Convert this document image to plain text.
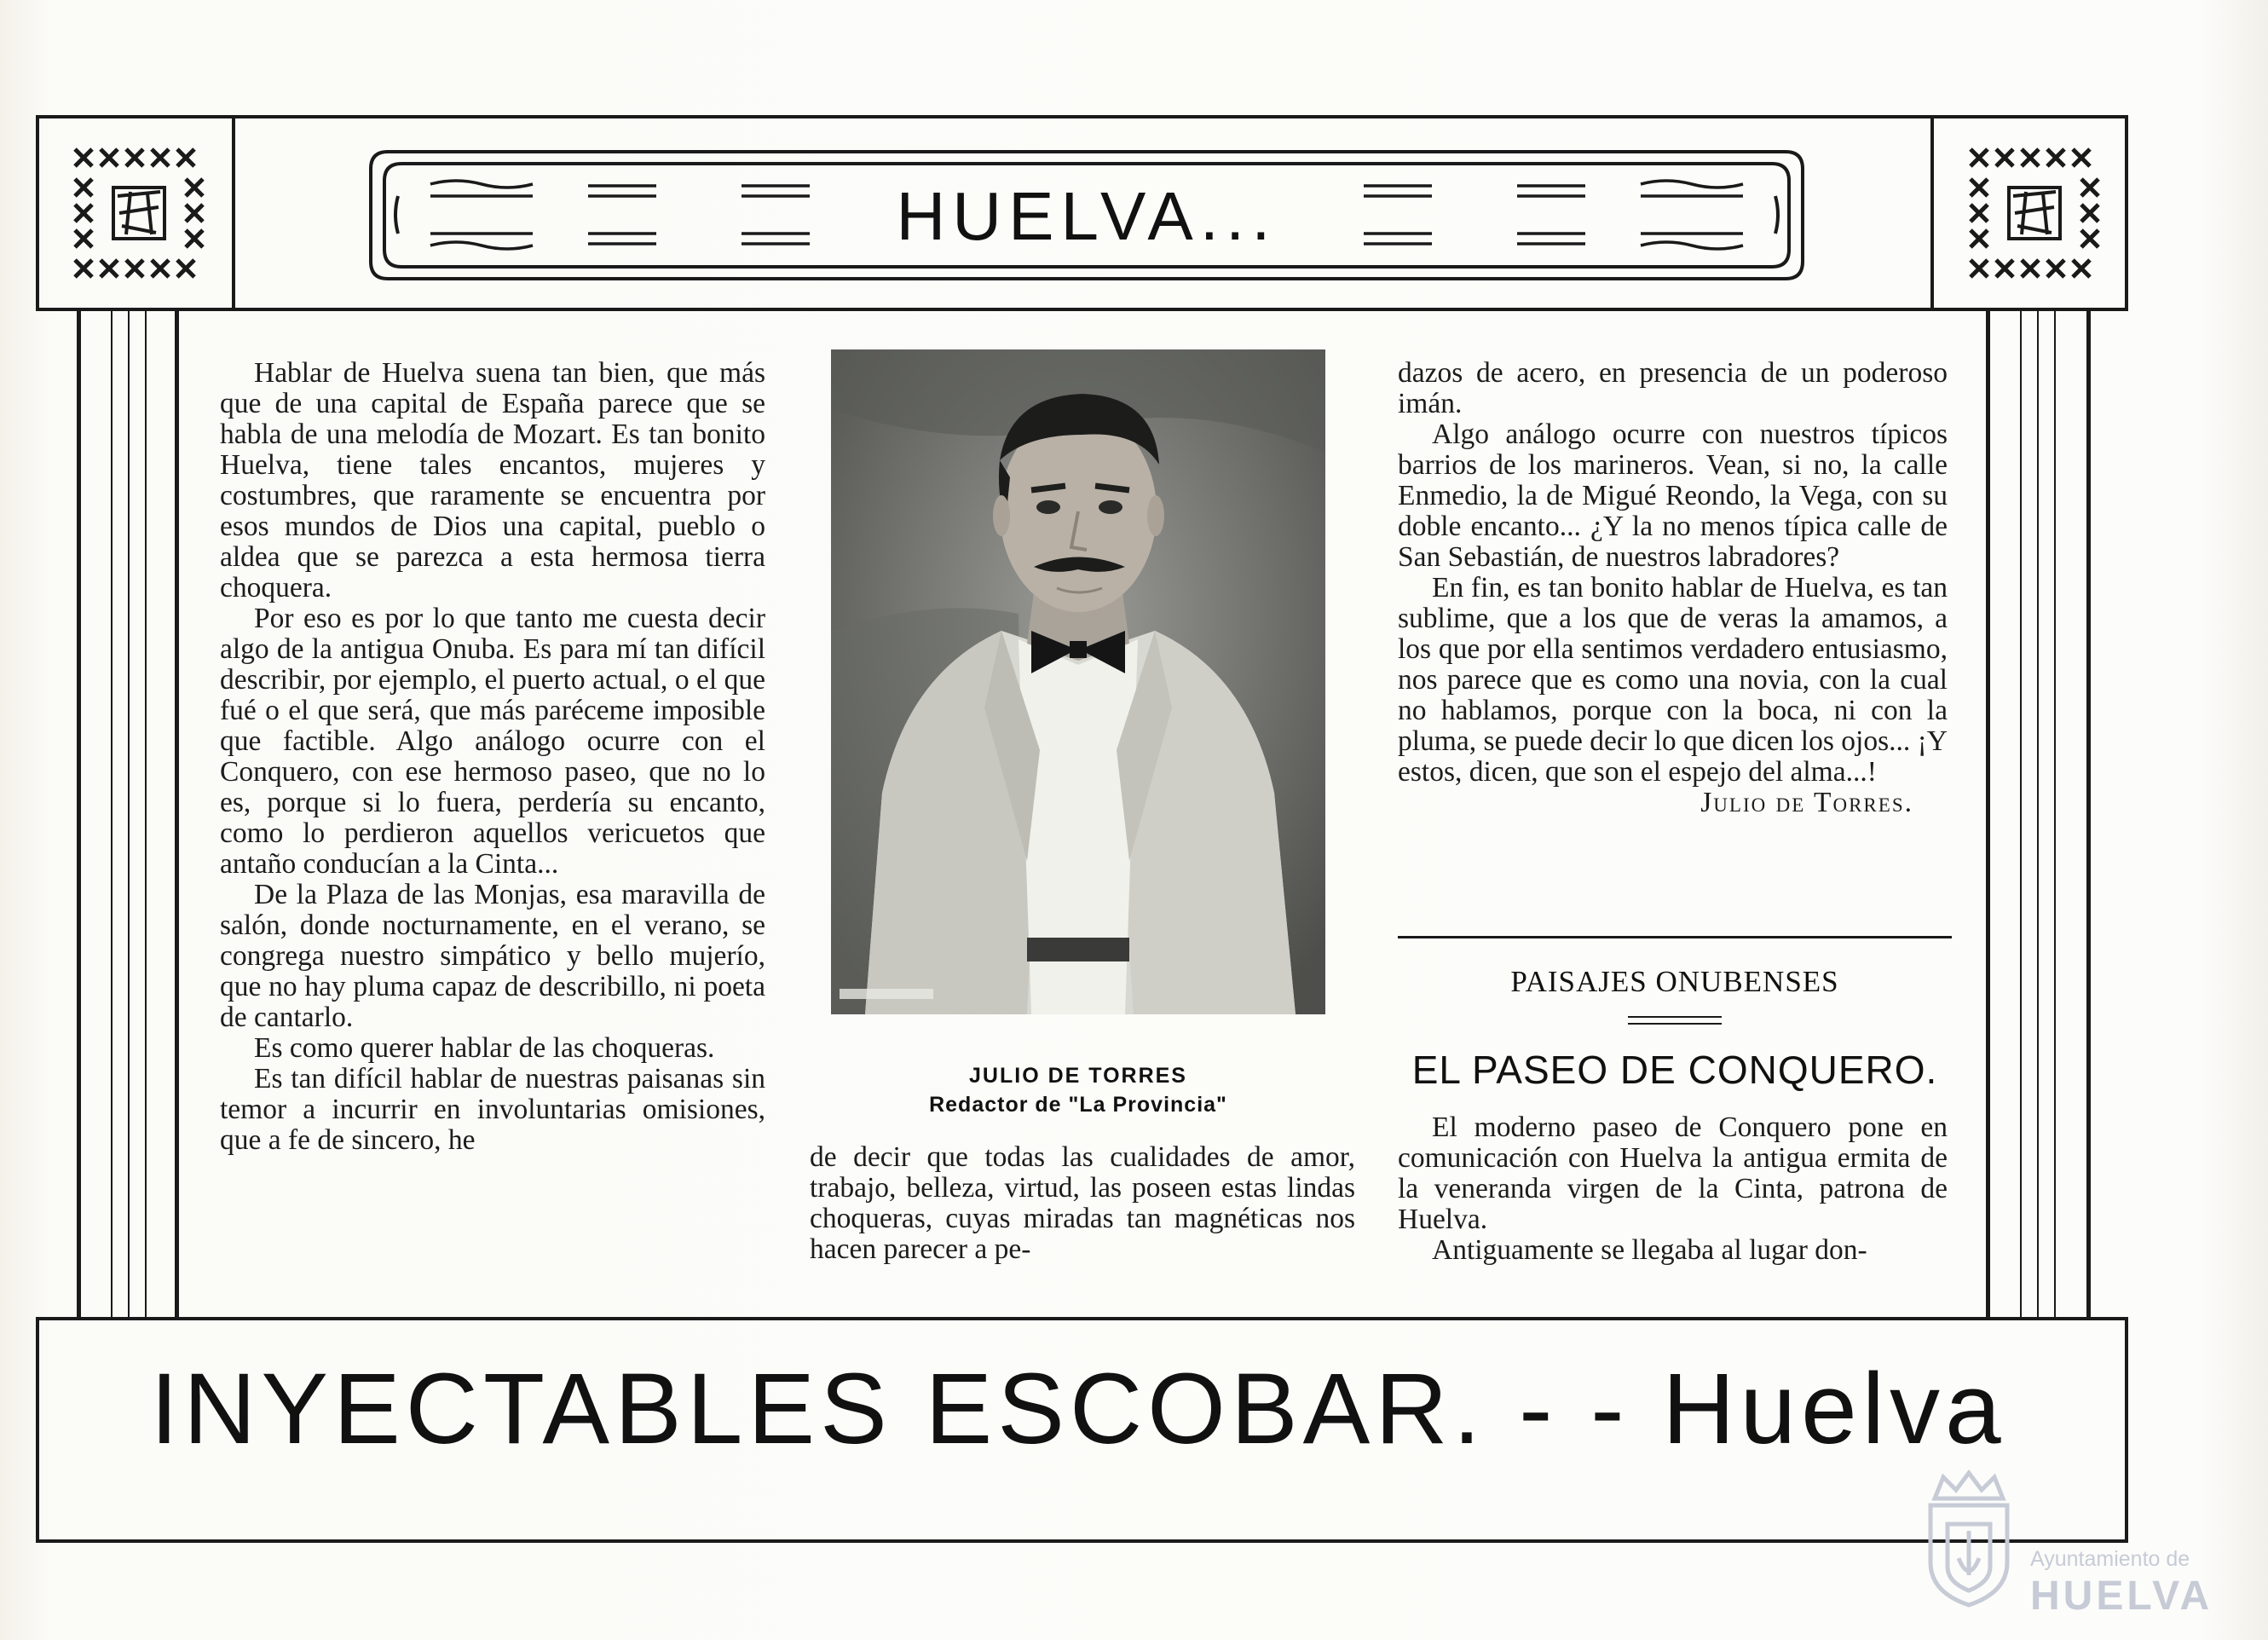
HUELVA...

Hablar de Huelva suena tan bien, que más que de una capital de España parece que se habla de una melodía de Mozart. Es tan bonito Huelva, tiene tales encantos, mujeres y costumbres, que raramente se encuentra por esos mundos de Dios una capital, pueblo o aldea que se parezca a esta hermosa tierra choquera.

Por eso es por lo que tanto me cuesta decir algo de la antigua Onuba. Es para mí tan difícil describir, por ejemplo, el puerto actual, o el que fué o el que será, que más paréceme imposible que factible. Algo análogo ocurre con el Conquero, con ese hermoso paseo, que no lo es, porque si lo fuera, perdería su encanto, como lo perdieron aquellos vericuetos que antaño conducían a la Cinta...

De la Plaza de las Monjas, esa maravilla de salón, donde nocturnamente, en el verano, se congrega nuestro simpático y bello mujerío, que no hay pluma capaz de describillo, ni poeta de cantarlo.

Es como querer hablar de las choqueras.

Es tan difícil hablar de nuestras paisanas sin temor a incurrir en involuntarias omisiones, que a fe de sincero, he

JULIO DE TORRES
Redactor de "La Provincia"

de decir que todas las cualidades de amor, trabajo, belleza, virtud, las poseen estas lindas choqueras, cuyas miradas tan magnéticas nos hacen parecer a pe-

dazos de acero, en presencia de un poderoso imán.

Algo análogo ocurre con nuestros típicos barrios de los marineros. Vean, si no, la calle Enmedio, la de Migué Reondo, la Vega, con su doble encanto... ¿Y la no menos típica calle de San Sebastián, de nuestros labradores?

En fin, es tan bonito hablar de Huelva, es tan sublime, que a los que de veras la amamos, a los que por ella sentimos verdadero entusiasmo, nos parece que es como una novia, con la cual no hablamos, porque con la boca, ni con la pluma, se puede decir lo que dicen los ojos... ¡Y estos, dicen, que son el espejo del alma...!

Julio de Torres.

PAISAJES ONUBENSES
EL PASEO DE CONQUERO.

El moderno paseo de Conquero pone en comunicación con Huelva la antigua ermita de la veneranda virgen de la Cinta, patrona de Huelva.

Antiguamente se llegaba al lugar don-

INYECTABLES ESCOBAR. - - Huelva
Ayuntamiento de
HUELVA
